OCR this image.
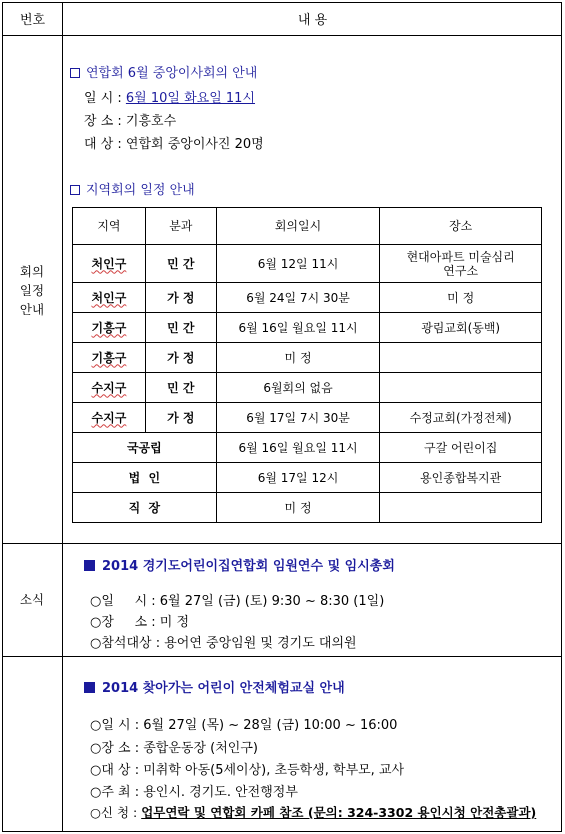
번호	내 용
회의
일정
안내
연합회 6월 중앙이사회의 안내
일 시 : 6월 10일 화요일 11시
장 소 : 기흥호수
대 상 : 연합회 중앙이사진 20명
지역회의 일정 안내
지역	분과	회의일시	장소
처인구	민 간	6월 12일 11시	현대아파트 미술심리
연구소
처인구	가 정	6월 24일 7시 30분	미 정
기흥구	민 간	6월 16일 월요일 11시	광림교회(동백)
기흥구	가 정	미 정	
수지구	민 간	6월회의 없음	
수지구	가 정	6월 17일 7시 30분	수정교회(가정전체)
국공립		6월 16일 월요일 11시	구갈 어린이집
법  인		6월 17일 12시	용인종합복지관
직  장		미 정	
소식
2014 경기도어린이집연합회 임원연수 및 임시총회
○일     시 : 6월 27일 (금) (토) 9:30 ~ 8:30 (1일)
○장     소 : 미 정
○참석대상 : 용어연 중앙임원 및 경기도 대의원
2014 찾아가는 어린이 안전체험교실 안내
○일 시 : 6월 27일 (목) ~ 28일 (금) 10:00 ~ 16:00
○장 소 : 종합운동장 (처인구)
○대 상 : 미취학 아동(5세이상), 초등학생, 학부모, 교사
○주 최 : 용인시. 경기도. 안전행정부
○신 청 : 업무연락 및 연합회 카페 참조 (문의: 324-3302 용인시청 안전총괄과)
